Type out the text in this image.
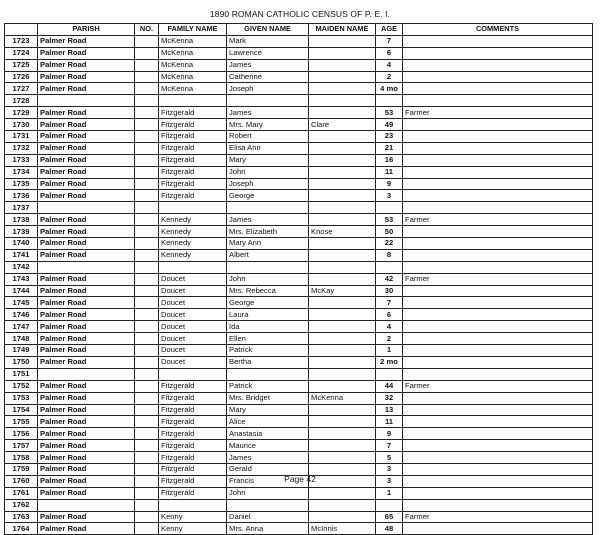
1890 ROMAN CATHOLIC CENSUS OF P. E. I.
	PARISH	NO.	FAMILY NAME	GIVEN NAME	MAIDEN NAME	AGE	COMMENTS
1723	Palmer Road		McKenna	Mark		7	
1724	Palmer Road		McKenna	Lawrence		6	
1725	Palmer Road		McKenna	James		4	
1726	Palmer Road		McKenna	Catherine		2	
1727	Palmer Road		McKenna	Joseph		4 mo	
1728							
1729	Palmer Road		Fitzgerald	James		53	Farmer
1730	Palmer Road		Fitzgerald	Mrs. Mary	Clare	49	
1731	Palmer Road		Fitzgerald	Robert		23	
1732	Palmer Road		Fitzgerald	Elisa Ann		21	
1733	Palmer Road		Fitzgerald	Mary		16	
1734	Palmer Road		Fitzgerald	John		11	
1735	Palmer Road		Fitzgerald	Joseph		9	
1736	Palmer Road		Fitzgerald	George		3	
1737							
1738	Palmer Road		Kennedy	James		53	Farmer
1739	Palmer Road		Kennedy	Mrs. Elizabeth	Knose	50	
1740	Palmer Road		Kennedy	Mary Ann		22	
1741	Palmer Road		Kennedy	Albert		8	
1742							
1743	Palmer Road		Doucet	John		42	Farmer
1744	Palmer Road		Doucet	Mrs. Rebecca	McKay	30	
1745	Palmer Road		Doucet	George		7	
1746	Palmer Road		Doucet	Laura		6	
1747	Palmer Road		Doucet	Ida		4	
1748	Palmer Road		Doucet	Ellen		2	
1749	Palmer Road		Doucet	Patrick		1	
1750	Palmer Road		Doucet	Bertha		2 mo	
1751							
1752	Palmer Road		Fitzgerald	Patrick		44	Farmer
1753	Palmer Road		Fitzgerald	Mrs. Bridget	McKenna	32	
1754	Palmer Road		Fitzgerald	Mary		13	
1755	Palmer Road		Fitzgerald	Alice		11	
1756	Palmer Road		Fitzgerald	Anastasia		9	
1757	Palmer Road		Fitzgerald	Maurice		7	
1758	Palmer Road		Fitzgerald	James		5	
1759	Palmer Road		Fitzgerald	Gerald		3	
1760	Palmer Road		Fitzgerald	Francis		3	
1761	Palmer Road		Fitzgerald	John		1	
1762							
1763	Palmer Road		Kenny	Daniel		65	Farmer
1764	Palmer Road		Kenny	Mrs. Anna	McInnis	48	
Page 42
